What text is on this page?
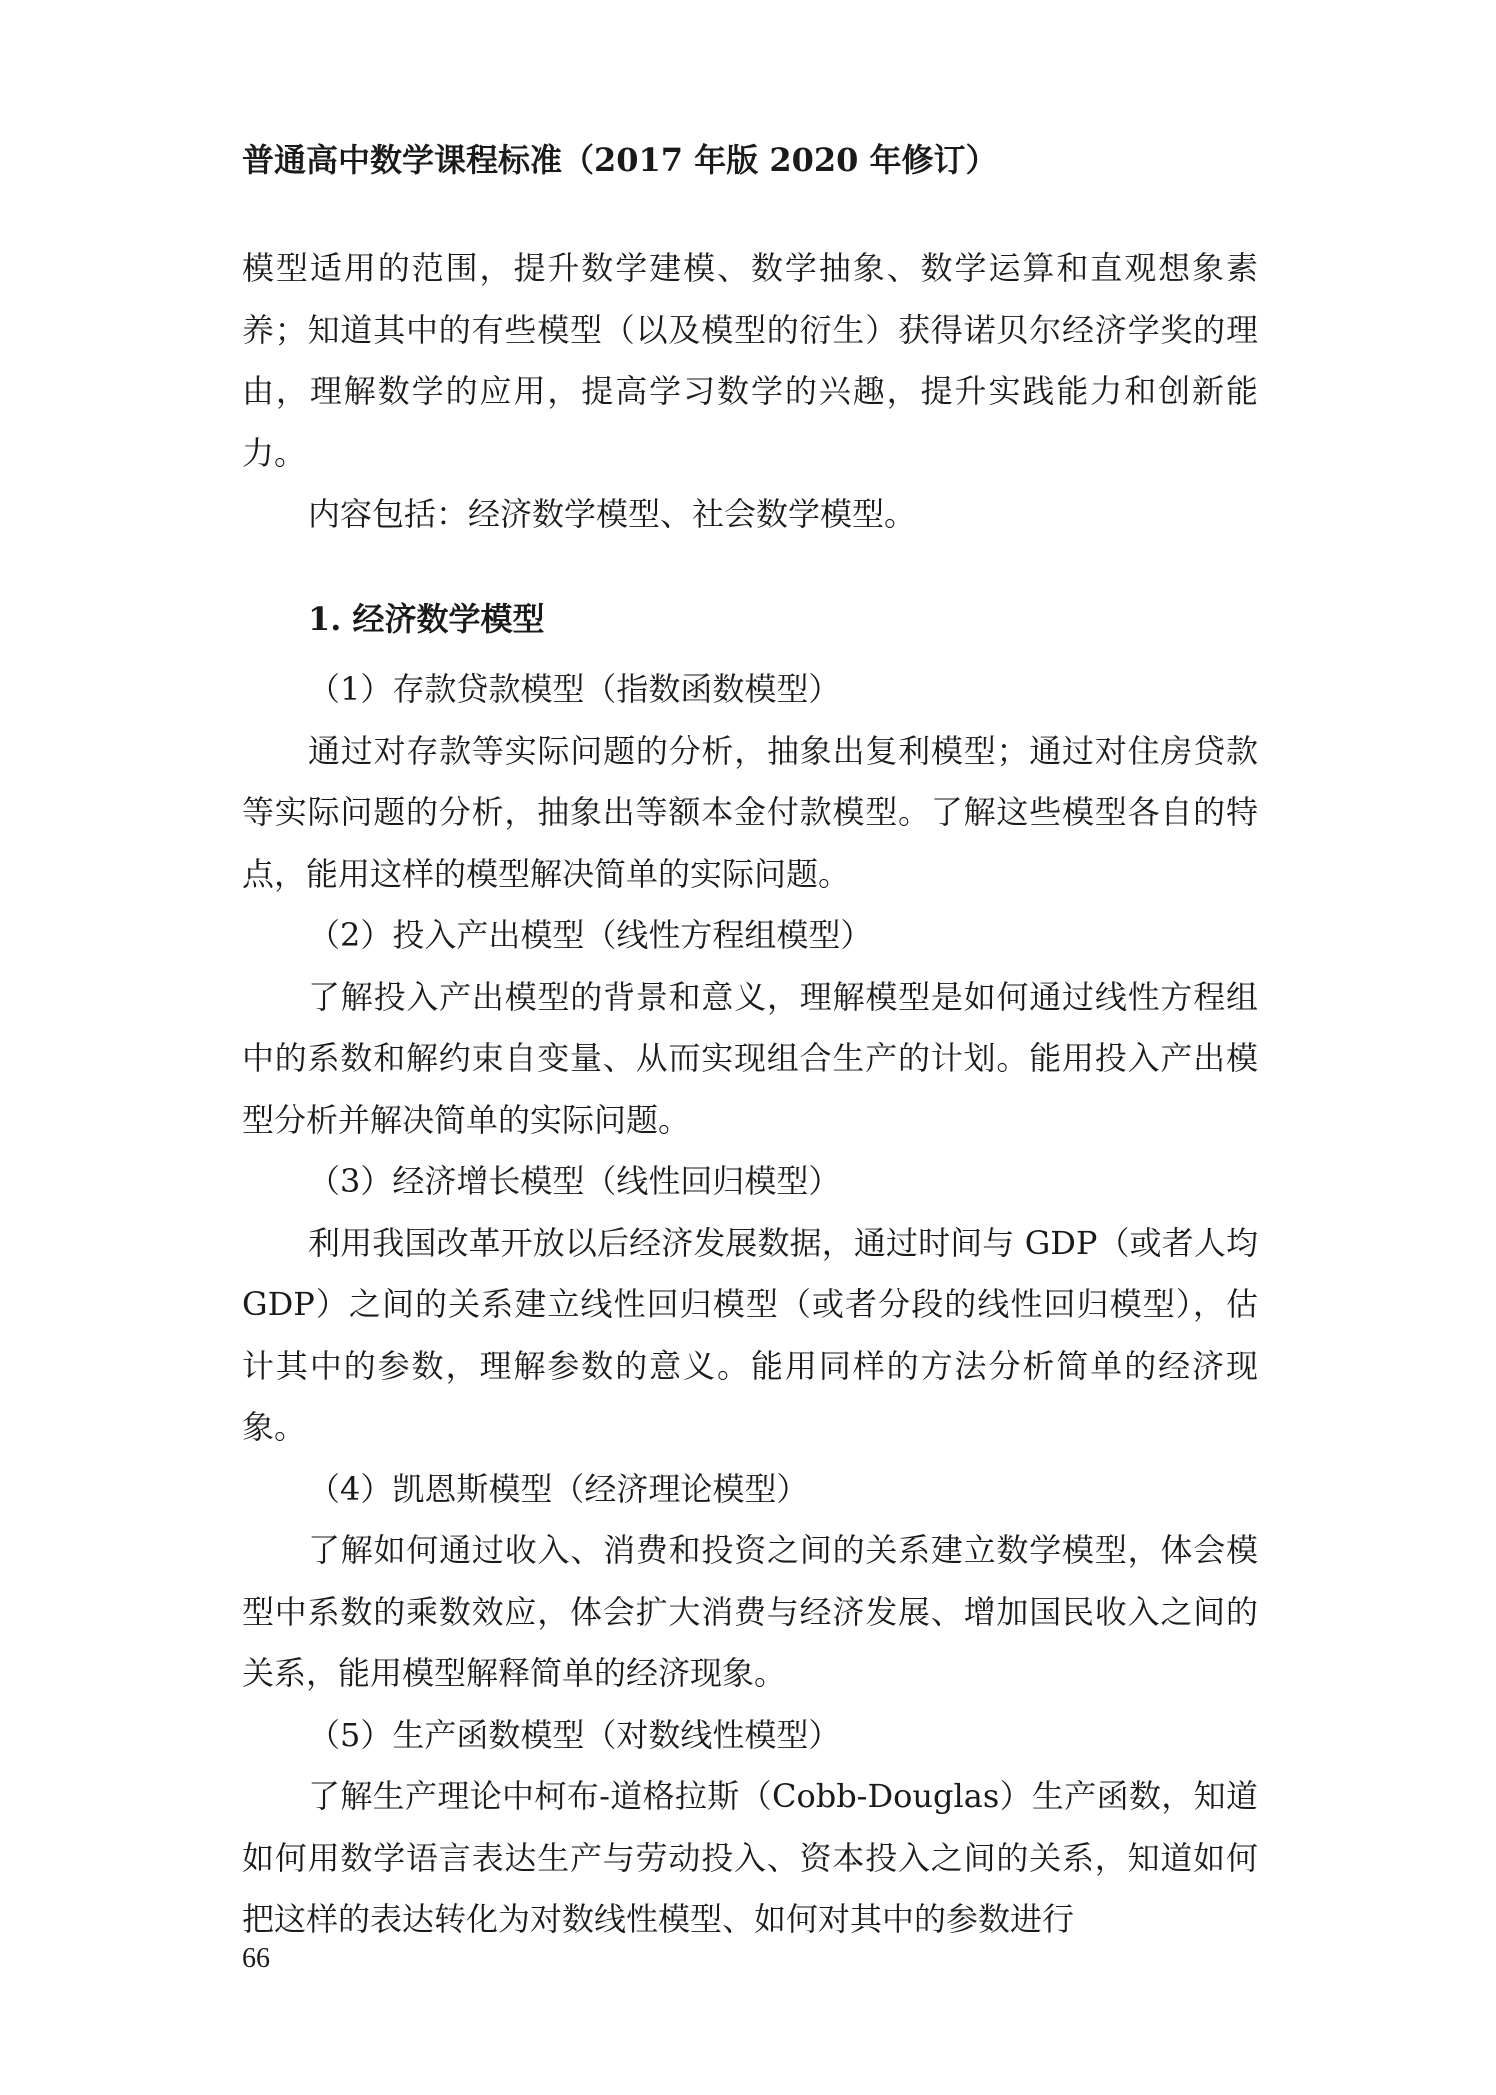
普通高中数学课程标准（2017 年版 2020 年修订）

模型适用的范围，提升数学建模、数学抽象、数学运算和直观想象素养；知道其中的有些模型（以及模型的衍生）获得诺贝尔经济学奖的理由，理解数学的应用，提高学习数学的兴趣，提升实践能力和创新能力。

内容包括：经济数学模型、社会数学模型。

1. 经济数学模型

（1）存款贷款模型（指数函数模型）

通过对存款等实际问题的分析，抽象出复利模型；通过对住房贷款等实际问题的分析，抽象出等额本金付款模型。了解这些模型各自的特点，能用这样的模型解决简单的实际问题。

（2）投入产出模型（线性方程组模型）

了解投入产出模型的背景和意义，理解模型是如何通过线性方程组中的系数和解约束自变量、从而实现组合生产的计划。能用投入产出模型分析并解决简单的实际问题。

（3）经济增长模型（线性回归模型）

利用我国改革开放以后经济发展数据，通过时间与 GDP（或者人均 GDP）之间的关系建立线性回归模型（或者分段的线性回归模型），估计其中的参数，理解参数的意义。能用同样的方法分析简单的经济现象。

（4）凯恩斯模型（经济理论模型）

了解如何通过收入、消费和投资之间的关系建立数学模型，体会模型中系数的乘数效应，体会扩大消费与经济发展、增加国民收入之间的关系，能用模型解释简单的经济现象。

（5）生产函数模型（对数线性模型）

了解生产理论中柯布-道格拉斯（Cobb-Douglas）生产函数，知道如何用数学语言表达生产与劳动投入、资本投入之间的关系，知道如何把这样的表达转化为对数线性模型、如何对其中的参数进行

66
